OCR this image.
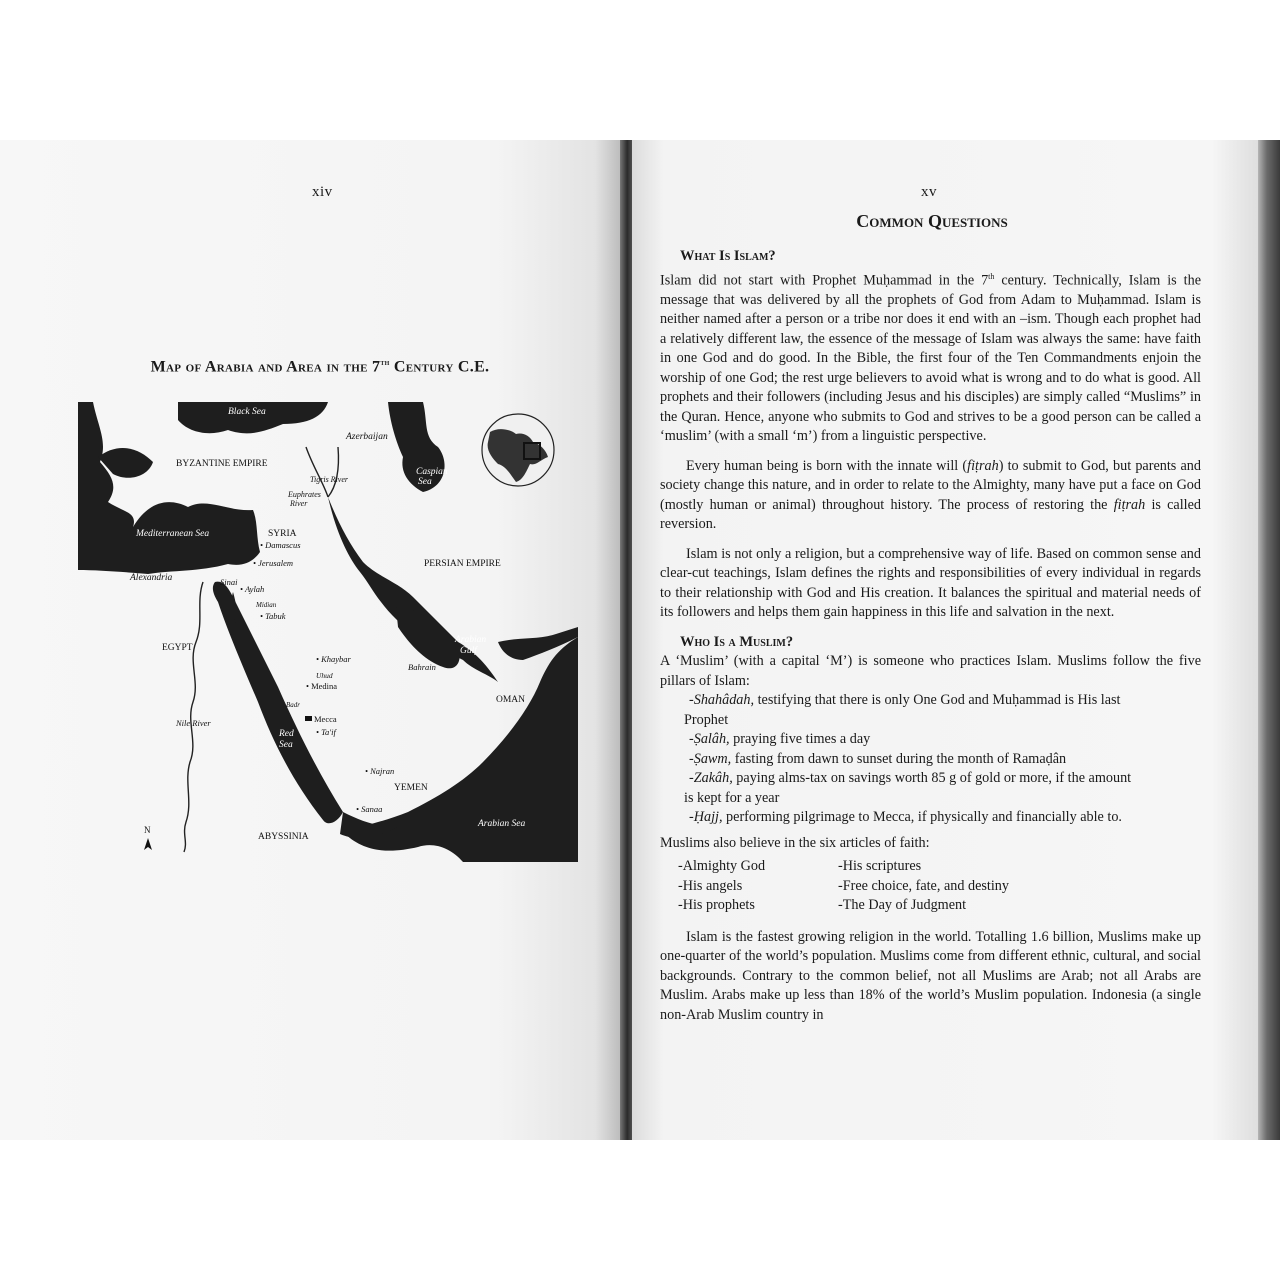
xiv
Map of Arabia and Area in the 7th Century C.E.
Black Sea
Azerbaijan
BYZANTINE EMPIRE
Tigris River
Caspian
Sea
Euphrates
River
Mediterranean Sea	SYRIA
• Damascus
• Jerusalem	PERSIAN EMPIRE
Alexandria	Sinai
• Aylah
Midian
• Tabuk
EGYPT
Arabian
Gulf
• Khaybar
Bahrain
Uhud
• Medina
OMAN
Badr
Nile River	Mecca
• Ta'if
Red
Sea
• Najran
YEMEN
• Sanaa
Arabian Sea
ABYSSINIA
N
xv
Common Questions
What Is Islam?

Islam did not start with Prophet Muḥammad in the 7th century. Technically, Islam is the message that was delivered by all the prophets of God from Adam to Muḥammad. Islam is neither named after a person or a tribe nor does it end with an –ism. Though each prophet had a relatively different law, the essence of the message of Islam was always the same: have faith in one God and do good. In the Bible, the first four of the Ten Commandments enjoin the worship of one God; the rest urge believers to avoid what is wrong and to do what is good. All prophets and their followers (including Jesus and his disciples) are simply called “Muslims” in the Quran. Hence, anyone who submits to God and strives to be a good person can be called a ‘muslim’ (with a small ‘m’) from a linguistic perspective.

Every human being is born with the innate will (fiṭrah) to submit to God, but parents and society change this nature, and in order to relate to the Almighty, many have put a face on God (mostly human or animal) throughout history. The process of restoring the fiṭrah is called reversion.

Islam is not only a religion, but a comprehensive way of life. Based on common sense and clear-cut teachings, Islam defines the rights and responsibilities of every individual in regards to their relationship with God and His creation. It balances the spiritual and material needs of its followers and helps them gain happiness in this life and salvation in the next.

Who Is a Muslim?

A ‘Muslim’ (with a capital ‘M’) is someone who practices Islam. Muslims follow the five pillars of Islam:

-Shahâdah, testifying that there is only One God and Muḥammad is His last
Prophet
-Ṣalâh, praying five times a day
-Ṣawm, fasting from dawn to sunset during the month of Ramaḍân
-Zakâh, paying alms-tax on savings worth 85 g of gold or more, if the amount
is kept for a year
-Ḥajj, performing pilgrimage to Mecca, if physically and financially able to.

Muslims also believe in the six articles of faith:

-Almighty God	-His scriptures
-His angels	-Free choice, fate, and destiny
-His prophets	-The Day of Judgment

Islam is the fastest growing religion in the world. Totalling 1.6 billion, Muslims make up one-quarter of the world’s population. Muslims come from different ethnic, cultural, and social backgrounds. Contrary to the common belief, not all Muslims are Arab; not all Arabs are Muslim. Arabs make up less than 18% of the world’s Muslim population. Indonesia (a single non-Arab Muslim country in
